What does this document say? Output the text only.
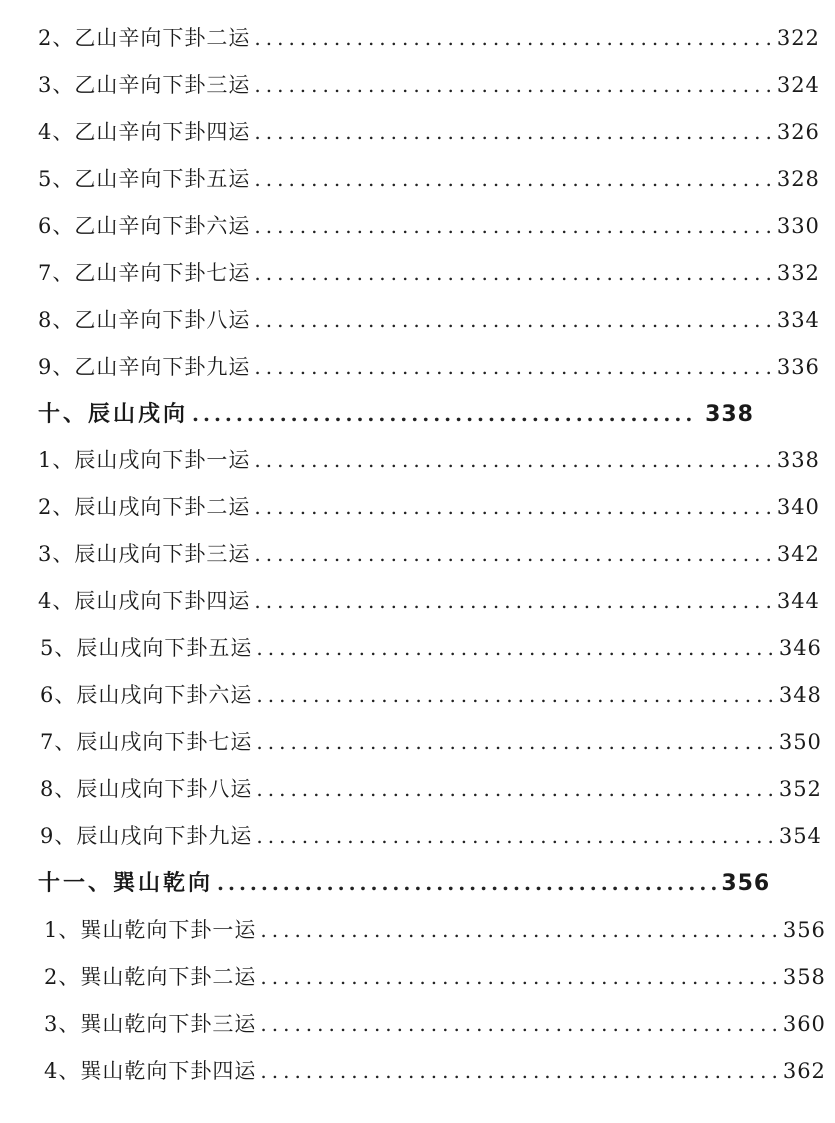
2、乙山辛向下卦二运 .............................................. 322
3、乙山辛向下卦三运 .............................................. 324
4、乙山辛向下卦四运 .............................................. 326
5、乙山辛向下卦五运 .............................................. 328
6、乙山辛向下卦六运 .............................................. 330
7、乙山辛向下卦七运 .............................................. 332
8、乙山辛向下卦八运 .............................................. 334
9、乙山辛向下卦九运 .............................................. 336
十、辰山戌向 .............................................. 338
1、辰山戌向下卦一运 .............................................. 338
2、辰山戌向下卦二运 .............................................. 340
3、辰山戌向下卦三运 .............................................. 342
4、辰山戌向下卦四运 .............................................. 344
5、辰山戌向下卦五运 .............................................. 346
6、辰山戌向下卦六运 .............................................. 348
7、辰山戌向下卦七运 .............................................. 350
8、辰山戌向下卦八运 .............................................. 352
9、辰山戌向下卦九运 .............................................. 354
十一、巽山乾向 .............................................. 356
1、巽山乾向下卦一运 .............................................. 356
2、巽山乾向下卦二运 .............................................. 358
3、巽山乾向下卦三运 .............................................. 360
4、巽山乾向下卦四运 .............................................. 362
